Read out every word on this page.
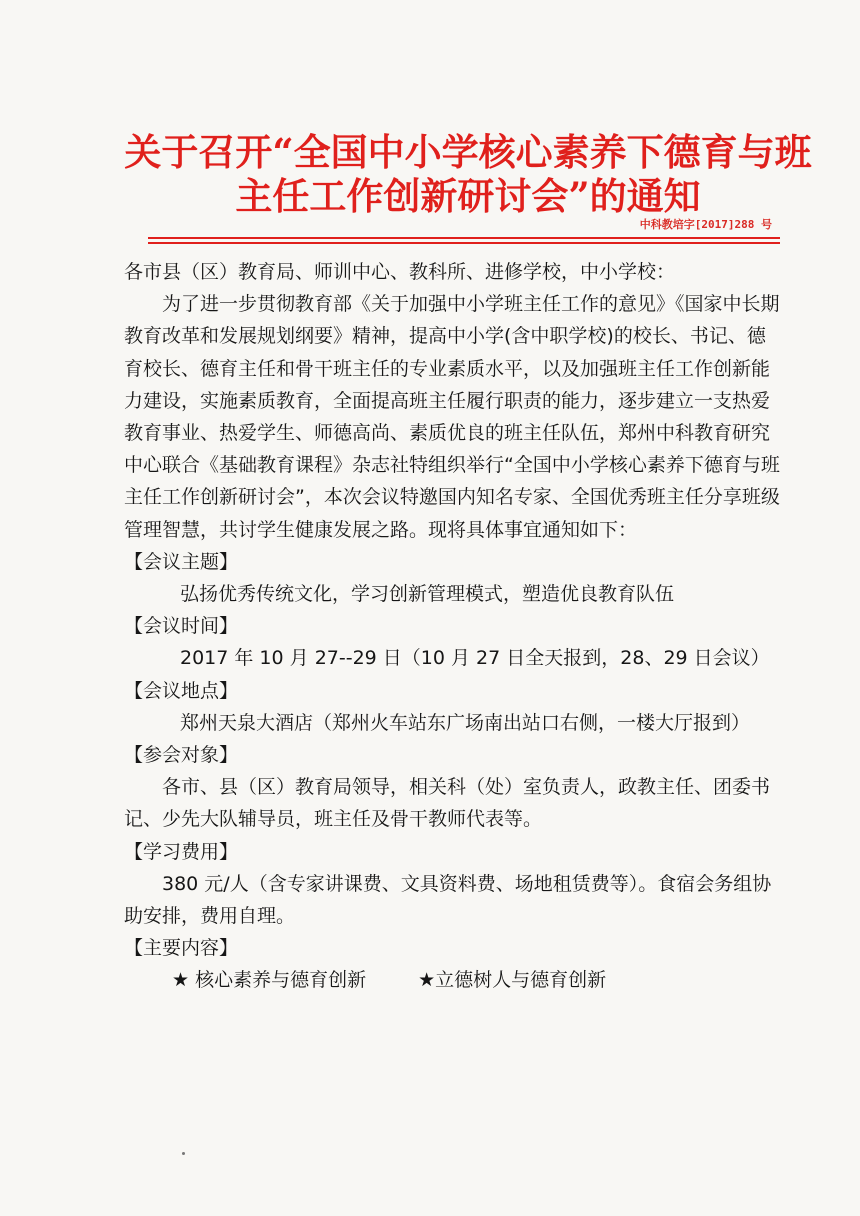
关于召开“全国中小学核心素养下德育与班
主任工作创新研讨会”的通知
中科教培字[2017]288 号

各市县（区）教育局、师训中心、教科所、进修学校，中小学校：

为了进一步贯彻教育部《关于加强中小学班主任工作的意见》《国家中长期教育改革和发展规划纲要》精神，提高中小学(含中职学校)的校长、书记、德育校长、德育主任和骨干班主任的专业素质水平，以及加强班主任工作创新能力建设，实施素质教育，全面提高班主任履行职责的能力，逐步建立一支热爱教育事业、热爱学生、师德高尚、素质优良的班主任队伍，郑州中科教育研究中心联合《基础教育课程》杂志社特组织举行“全国中小学核心素养下德育与班主任工作创新研讨会”，本次会议特邀国内知名专家、全国优秀班主任分享班级管理智慧，共讨学生健康发展之路。现将具体事宜通知如下：

【会议主题】

弘扬优秀传统文化，学习创新管理模式，塑造优良教育队伍

【会议时间】

2017 年 10 月 27--29 日（10 月 27 日全天报到，28、29 日会议）

【会议地点】

郑州天泉大酒店（郑州火车站东广场南出站口右侧，一楼大厅报到）

【参会对象】

各市、县（区）教育局领导，相关科（处）室负责人，政教主任、团委书记、少先大队辅导员，班主任及骨干教师代表等。

【学习费用】

380 元/人（含专家讲课费、文具资料费、场地租赁费等）。食宿会务组协助安排，费用自理。

【主要内容】

★ 核心素养与德育创新	★立德树人与德育创新
